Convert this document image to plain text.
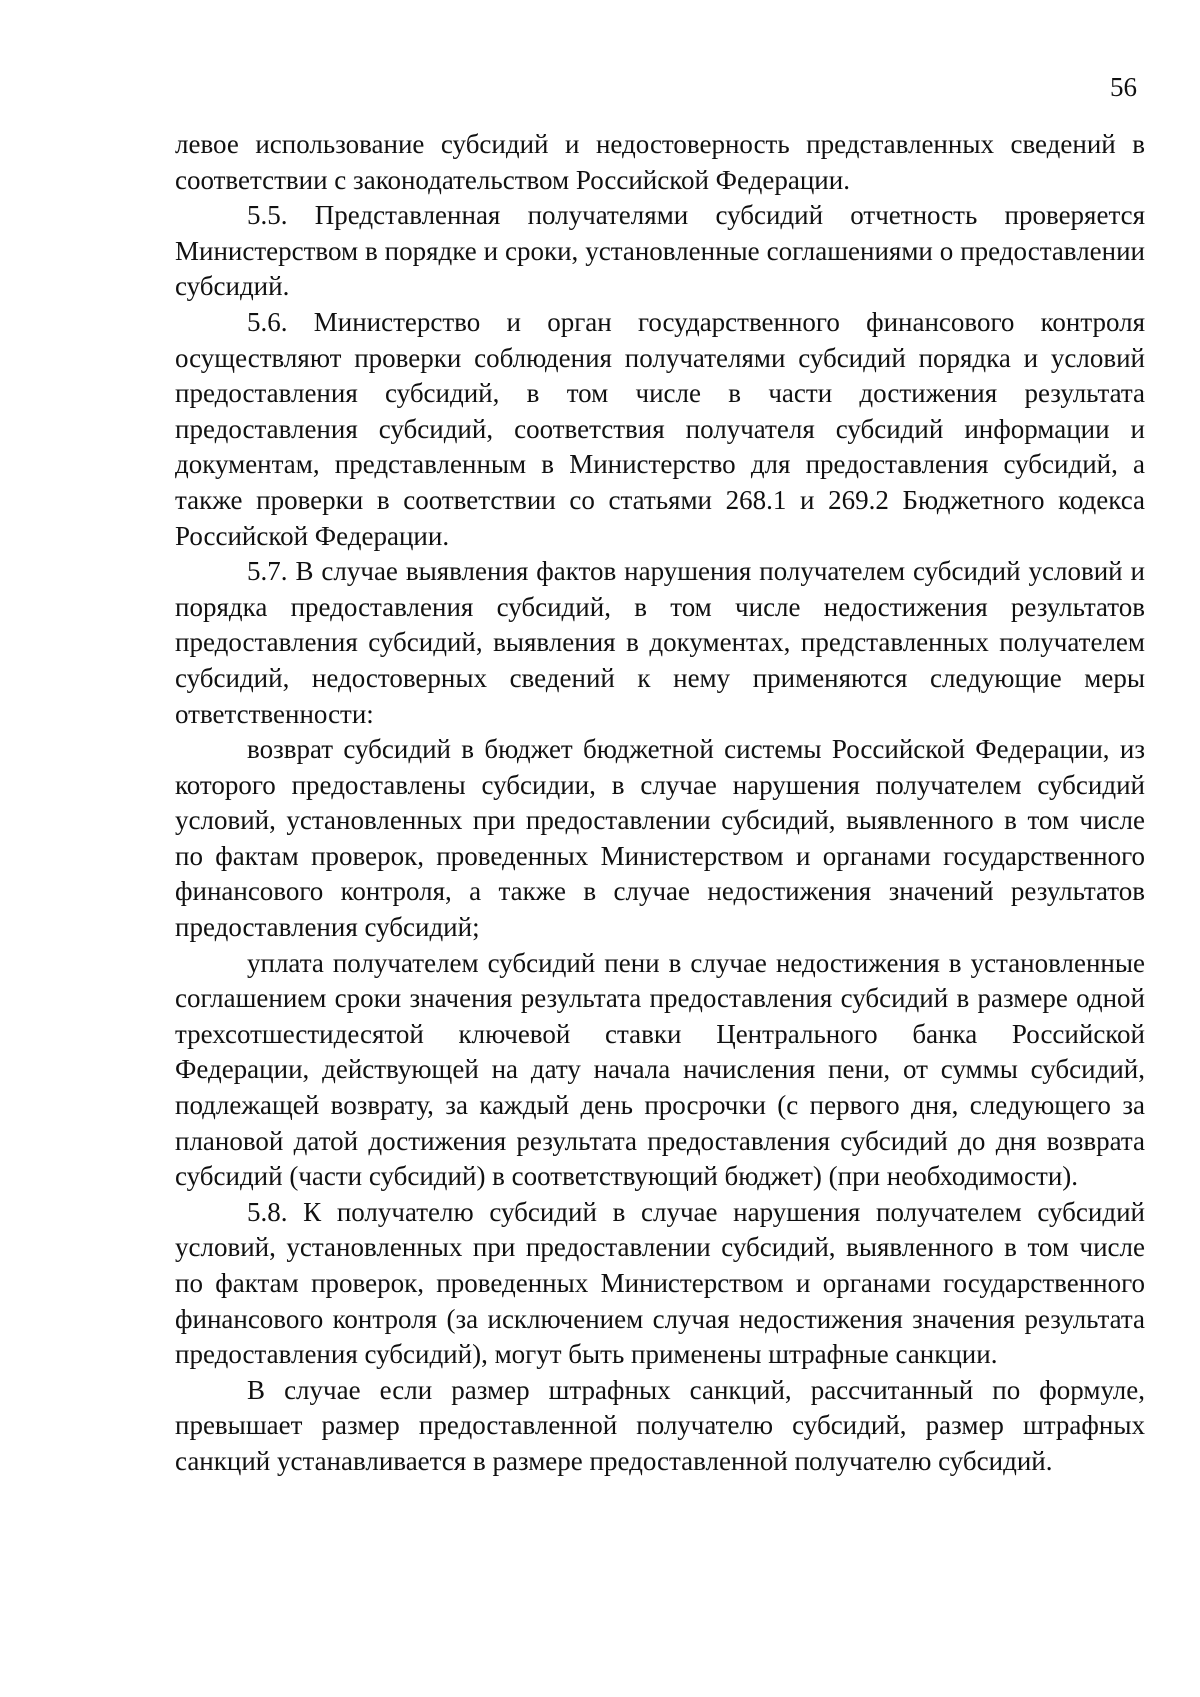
56

левое использование субсидий и недостоверность представленных сведений в соответствии с законодательством Российской Федерации.

5.5. Представленная получателями субсидий отчетность проверяется Министерством в порядке и сроки, установленные соглашениями о предоставлении субсидий.

5.6. Министерство и орган государственного финансового контроля осуществляют проверки соблюдения получателями субсидий порядка и условий предоставления субсидий, в том числе в части достижения результата предоставления субсидий, соответствия получателя субсидий информации и документам, представленным в Министерство для предоставления субсидий, а также проверки в соответствии со статьями 268.1 и 269.2 Бюджетного кодекса Российской Федерации.

5.7. В случае выявления фактов нарушения получателем субсидий условий и порядка предоставления субсидий, в том числе недостижения результатов предоставления субсидий, выявления в документах, представленных получателем субсидий, недостоверных сведений к нему применяются следующие меры ответственности:

возврат субсидий в бюджет бюджетной системы Российской Федерации, из которого предоставлены субсидии, в случае нарушения получателем субсидий условий, установленных при предоставлении субсидий, выявленного в том числе по фактам проверок, проведенных Министерством и органами государственного финансового контроля, а также в случае недостижения значений результатов предоставления субсидий;

уплата получателем субсидий пени в случае недостижения в установленные соглашением сроки значения результата предоставления субсидий в размере одной трехсотшестидесятой ключевой ставки Центрального банка Российской Федерации, действующей на дату начала начисления пени, от суммы субсидий, подлежащей возврату, за каждый день просрочки (с первого дня, следующего за плановой датой достижения результата предоставления субсидий до дня возврата субсидий (части субсидий) в соответствующий бюджет) (при необходимости).

5.8. К получателю субсидий в случае нарушения получателем субсидий условий, установленных при предоставлении субсидий, выявленного в том числе по фактам проверок, проведенных Министерством и органами государственного финансового контроля (за исключением случая недостижения значения результата предоставления субсидий), могут быть применены штрафные санкции.

В случае если размер штрафных санкций, рассчитанный по формуле, превышает размер предоставленной получателю субсидий, размер штрафных санкций устанавливается в размере предоставленной получателю субсидий.
